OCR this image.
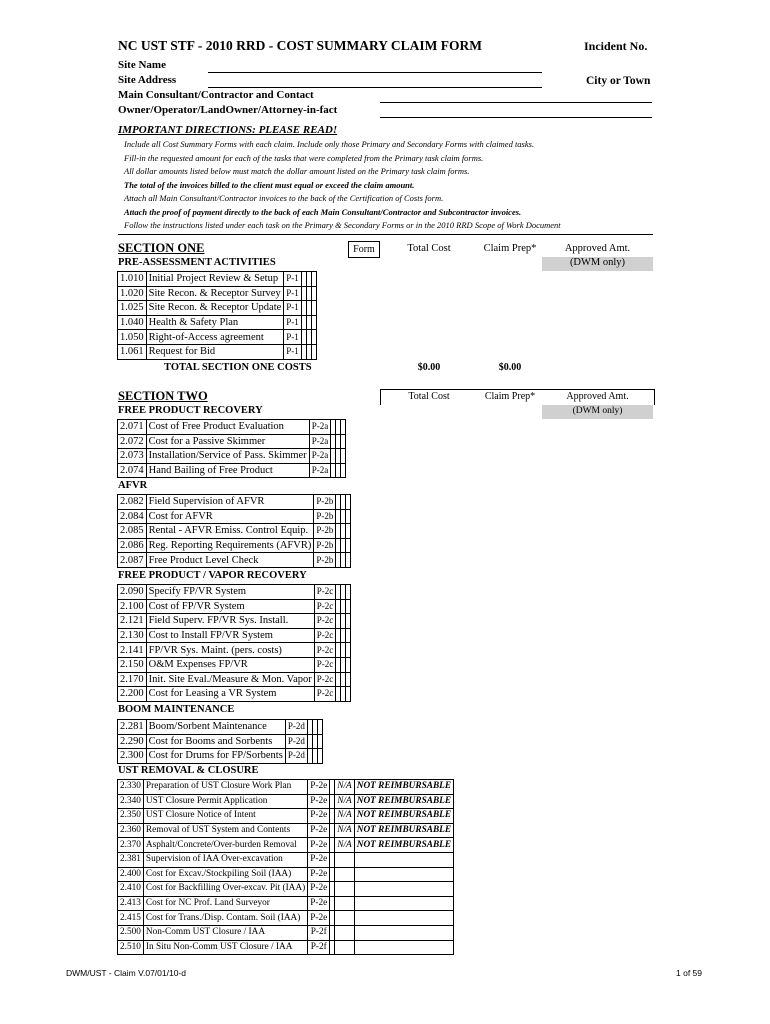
NC UST STF - 2010 RRD - COST SUMMARY CLAIM FORM	Incident No.
Site Name
Site Address	City or Town
Main Consultant/Contractor and Contact
Owner/Operator/LandOwner/Attorney-in-fact
IMPORTANT DIRECTIONS: PLEASE READ!
Include all Cost Summary Forms with each claim. Include only those Primary and Secondary Forms with claimed tasks.
Fill-in the requested amount for each of the tasks that were completed from the Primary task claim forms.
All dollar amounts listed below must match the dollar amount listed on the Primary task claim forms.
The total of the invoices billed to the client must equal or exceed the claim amount.
Attach all Main Consultant/Contractor invoices to the back of the Certification of Costs form.
Attach the proof of payment directly to the back of each Main Consultant/Contractor and Subcontractor invoices.
Follow the instructions listed under each task on the Primary & Secondary Forms or in the 2010 RRD Scope of Work Document
SECTION ONE
PRE-ASSESSMENT ACTIVITIES
Form	Total Cost	Claim Prep*	Approved Amt.
(DWM only)
1.010	Initial Project Review & Setup	P-1			
1.020	Site Recon. & Receptor Survey	P-1			
1.025	Site Recon. & Receptor Update	P-1			
1.040	Health & Safety Plan	P-1			
1.050	Right-of-Access agreement	P-1			
1.061	Request for Bid	P-1			
TOTAL SECTION ONE COSTS	$0.00	$0.00
SECTION TWO	Total Cost	Claim Prep*	Approved Amt.
(DWM only)
FREE PRODUCT RECOVERY
2.071	Cost of Free Product Evaluation	P-2a			
2.072	Cost for a Passive Skimmer	P-2a			
2.073	Installation/Service of Pass. Skimmer	P-2a			
2.074	Hand Bailing of Free Product	P-2a			
AFVR
2.082	Field Supervision of AFVR	P-2b			
2.084	Cost for AFVR	P-2b			
2.085	Rental - AFVR Emiss. Control Equip.	P-2b			
2.086	Reg. Reporting Requirements (AFVR)	P-2b			
2.087	Free Product Level Check	P-2b			
FREE PRODUCT / VAPOR RECOVERY
2.090	Specify FP/VR System	P-2c			
2.100	Cost of FP/VR System	P-2c			
2.121	Field Superv. FP/VR Sys. Install.	P-2c			
2.130	Cost to Install FP/VR System	P-2c			
2.141	FP/VR Sys. Maint. (pers. costs)	P-2c			
2.150	O&M Expenses FP/VR	P-2c			
2.170	Init. Site Eval./Measure & Mon. Vapor	P-2c			
2.200	Cost for Leasing a VR System	P-2c			
BOOM MAINTENANCE
2.281	Boom/Sorbent Maintenance	P-2d			
2.290	Cost for Booms and Sorbents	P-2d			
2.300	Cost for Drums for FP/Sorbents	P-2d			
UST REMOVAL & CLOSURE
2.330	Preparation of UST Closure Work Plan	P-2e		N/A	NOT REIMBURSABLE
2.340	UST Closure Permit Application	P-2e		N/A	NOT REIMBURSABLE
2.350	UST Closure Notice of Intent	P-2e		N/A	NOT REIMBURSABLE
2.360	Removal of UST System and Contents	P-2e		N/A	NOT REIMBURSABLE
2.370	Asphalt/Concrete/Over-burden Removal	P-2e		N/A	NOT REIMBURSABLE
2.381	Supervision of IAA Over-excavation	P-2e			
2.400	Cost for Excav./Stockpiling Soil (IAA)	P-2e			
2.410	Cost for Backfilling Over-excav. Pit (IAA)	P-2e			
2.413	Cost for NC Prof. Land Surveyor	P-2e			
2.415	Cost for Trans./Disp. Contam. Soil (IAA)	P-2e			
2.500	Non-Comm UST Closure / IAA	P-2f			
2.510	In Situ Non-Comm UST Closure / IAA	P-2f			
DWM/UST - Claim V.07/01/10-d	1 of 59
